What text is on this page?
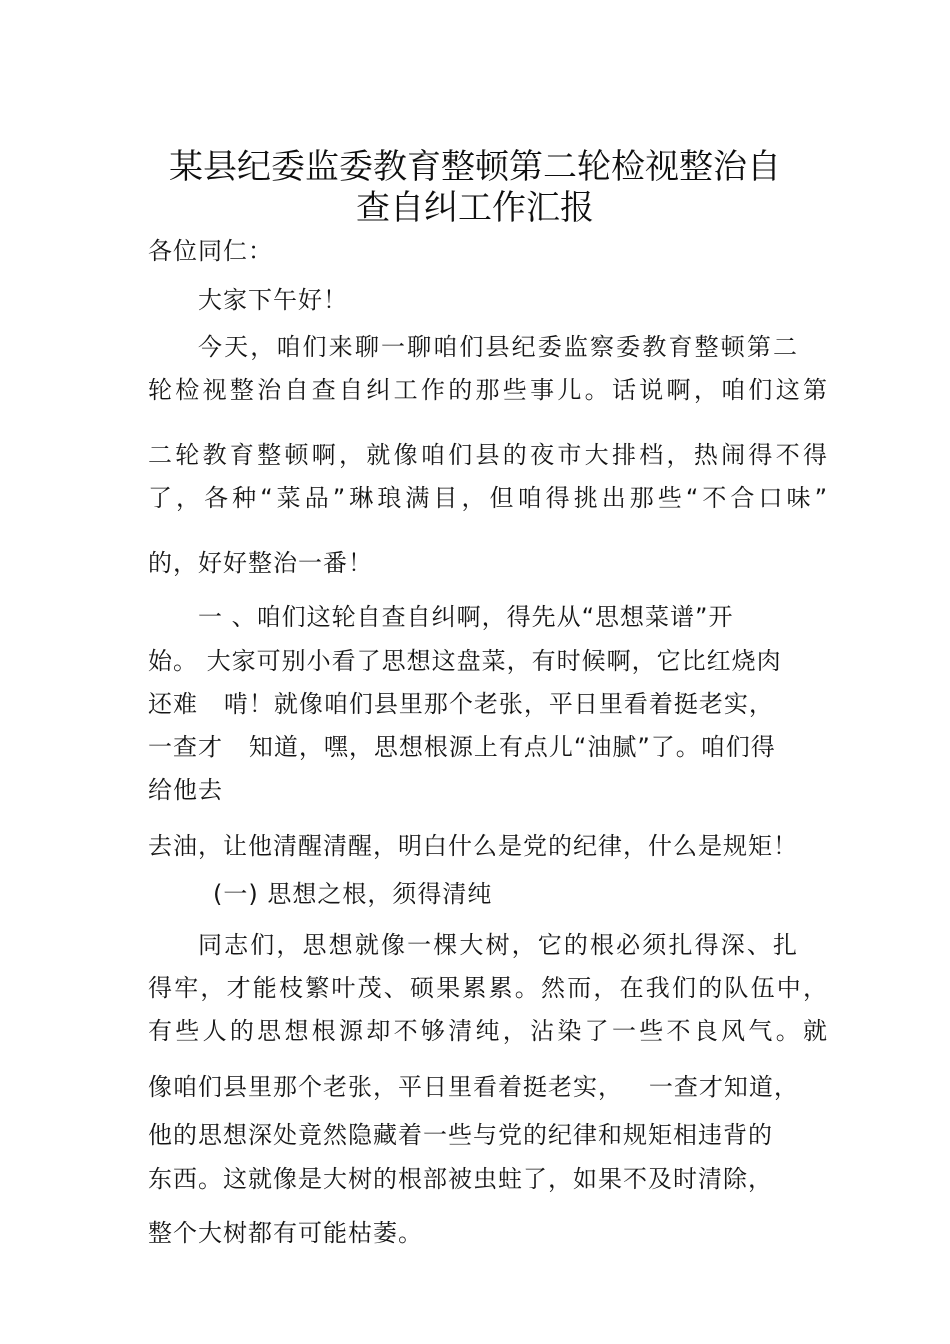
某县纪委监委教育整顿第二轮检视整治自
查自纠工作汇报
各位同仁：
大家下午好！
今天，咱们来聊一聊咱们县纪委监察委教育整顿第二
轮检视整治自查自纠工作的那些事儿。话说啊，咱们这第
二轮教育整顿啊，就像咱们县的夜市大排档，热闹得不得
了，各种“菜品”琳琅满目，但咱得挑出那些“不合口味”
的，好好整治一番！
一 、咱们这轮自查自纠啊，得先从“思想菜谱”开
始。 大家可别小看了思想这盘菜，有时候啊，它比红烧肉
还难   啃！就像咱们县里那个老张，平日里看着挺老实，
一查才   知道，嘿，思想根源上有点儿“油腻”了。咱们得
给他去
去油，让他清醒清醒，明白什么是党的纪律，什么是规矩！
(一) 思想之根，须得清纯
同志们，思想就像一棵大树，它的根必须扎得深、扎
得牢，才能枝繁叶茂、硕果累累。然而，在我们的队伍中，
有些人的思想根源却不够清纯，沾染了一些不良风气。就
像咱们县里那个老张，平日里看着挺老实，   一查才知道，
他的思想深处竟然隐藏着一些与党的纪律和规矩相违背的
东西。这就像是大树的根部被虫蛀了，如果不及时清除，
整个大树都有可能枯萎。
